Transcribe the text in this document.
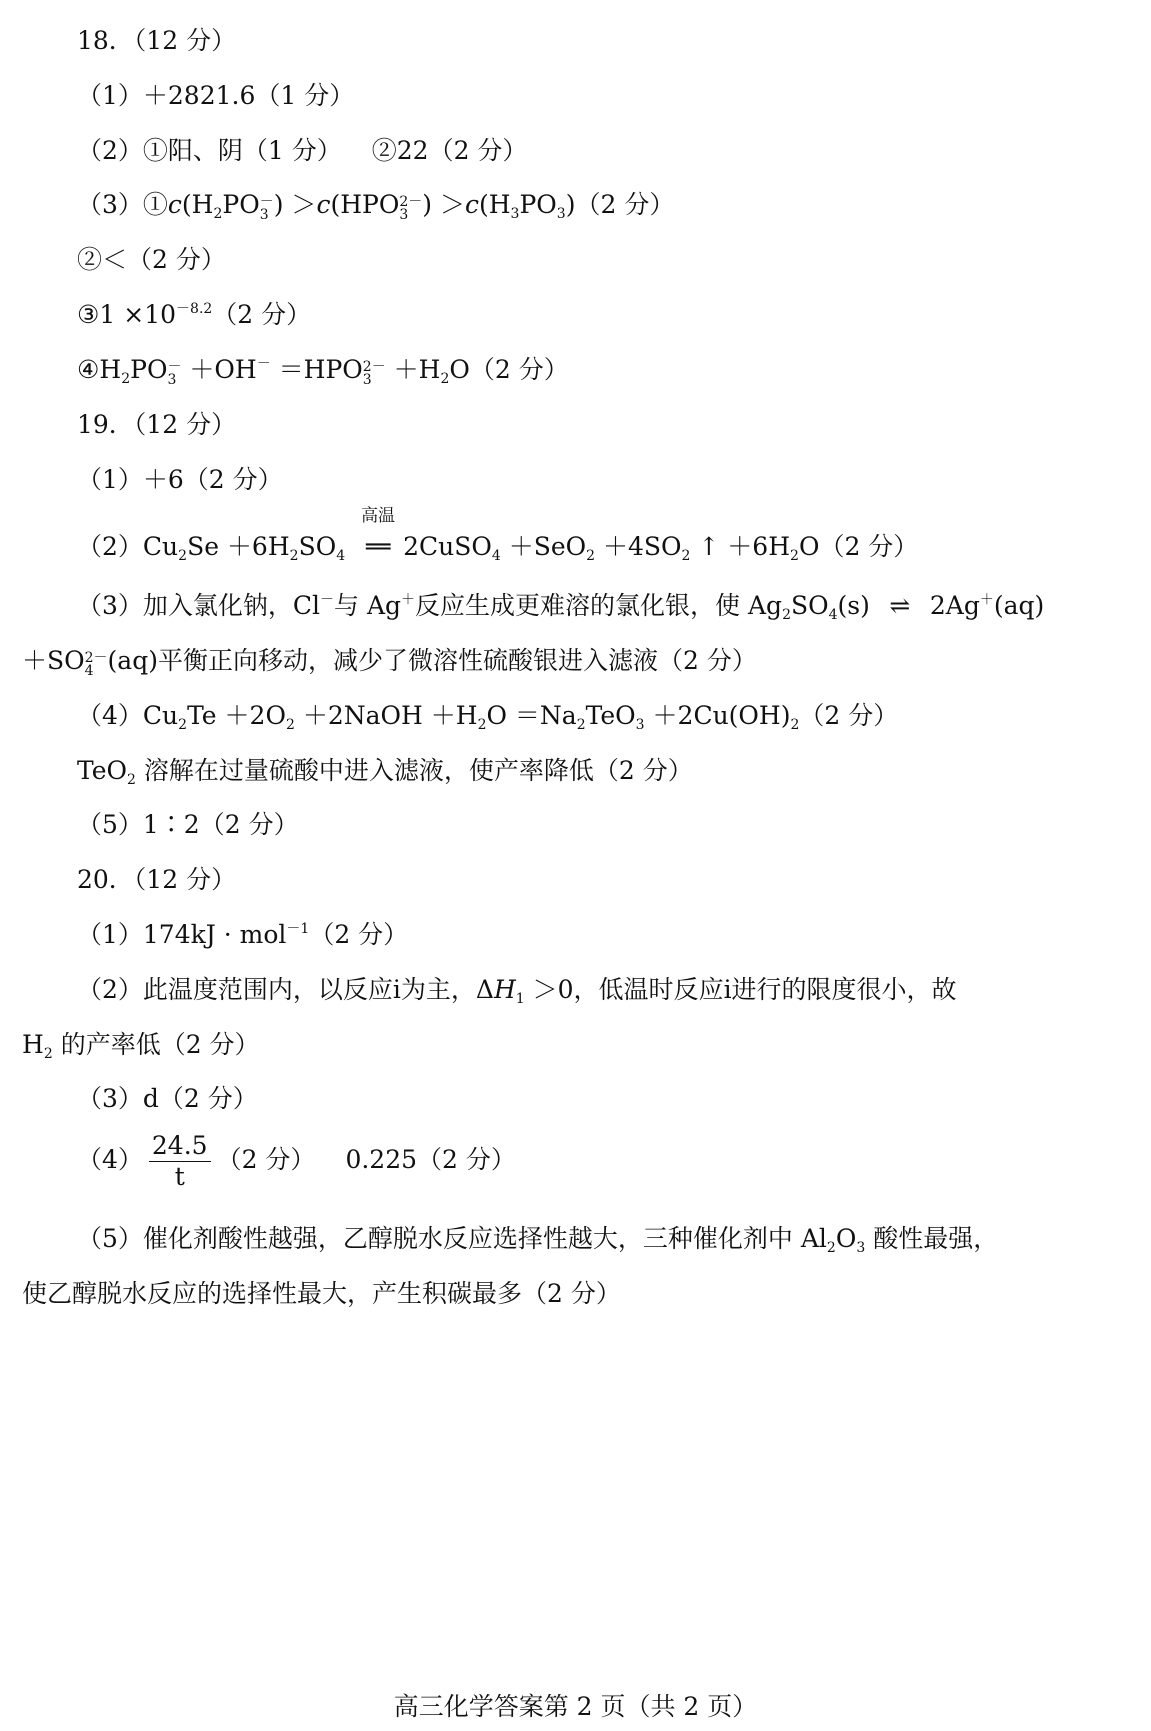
18．（12 分）
（1）＋2821.6（1 分）
（2）①阳、阴（1 分） ②22（2 分）
$(3)①c(H_2PO$ －
3 ) ＞c(HPO 2－
3 ) $>c(H_3PO_3)(2$ 分）
②＜（2 分）
③1 $\times 10^{-8.2}(2$ 分）
$④H_2PO$ －
3 ＋OH－ ＝HPO 2－
$3 +H_2O(2$ 分）
19．（12 分）
（1）＋6（2 分）
$(2)Cu_2Se +6H_2SO_4$
高温
═ 2CuSO$_4$ $+SeO_2 +4SO_2$ ↑ $+6H_2O(2$ 分）
（3）加入氯化钠，Cl－与 Ag＋反应生成更难溶的氯化银，使 $Ag_2SO_4(s)$ ⇌ 2Ag＋(aq)
＋SO 2－
4 (aq)平衡正向移动，减少了微溶性硫酸银进入滤液（2 分）
$(4)Cu_2Te +2O_2$ ＋2NaOH $+H_2O =Na_2TeO_3 +2Cu(OH)_2(2$ 分）
TeO$_2$ 溶解在过量硫酸中进入滤液，使产率降低（2 分）
（5）1∶2（2 分）
20．（12 分）
（1）174kJ · mol$^{-1}$（2 分）
（2）此温度范围内，以反应ⅰ为主，$\Delta H_1 >0$，低温时反应ⅰ进行的限度很小，故
$H_2$ 的产率低（2 分）
（3）d（2 分）
$(4) \frac{24.5}{t} (2$ 分） 0.225（2 分）
（5）催化剂酸性越强，乙醇脱水反应选择性越大，三种催化剂中 $Al_2O_3$ 酸性最强，
使乙醇脱水反应的选择性最大，产生积碳最多（2 分）
高三化学答案第 2 页（共 2 页）
